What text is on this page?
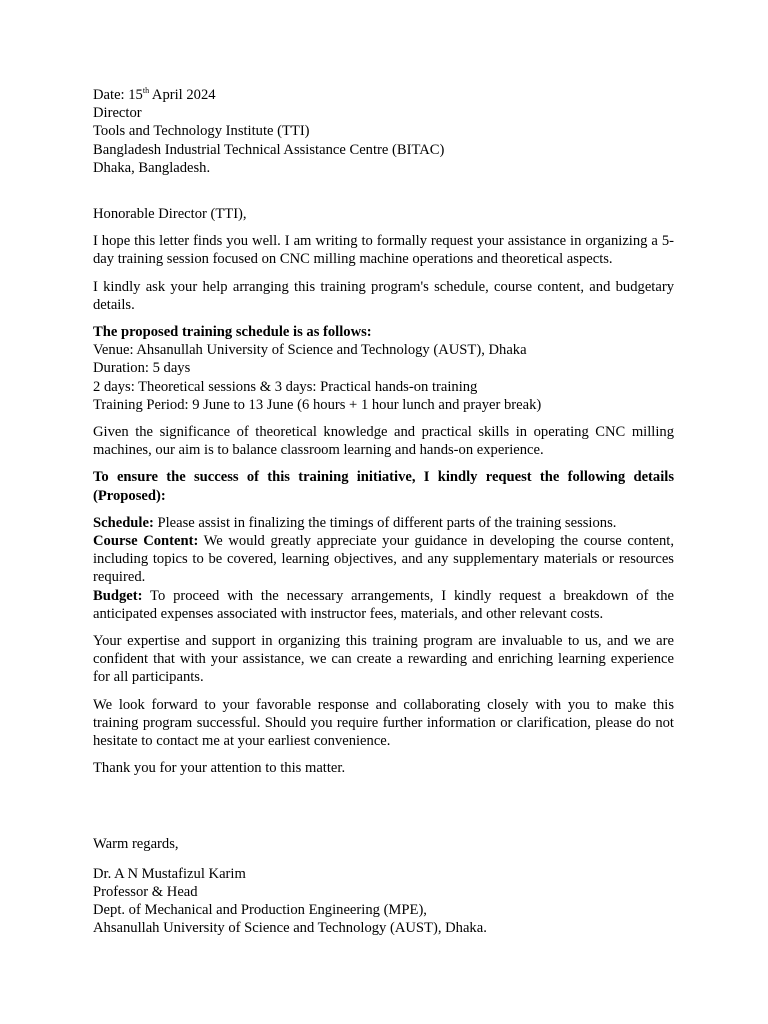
Date: 15th April 2024
Director
Tools and Technology Institute (TTI)
Bangladesh Industrial Technical Assistance Centre (BITAC)
Dhaka, Bangladesh.

Honorable Director (TTI),

I hope this letter finds you well. I am writing to formally request your assistance in organizing a 5-day training session focused on CNC milling machine operations and theoretical aspects.

I kindly ask your help arranging this training program's schedule, course content, and budgetary details.

The proposed training schedule is as follows:
Venue: Ahsanullah University of Science and Technology (AUST), Dhaka
Duration: 5 days
2 days: Theoretical sessions & 3 days: Practical hands-on training
Training Period: 9 June to 13 June (6 hours + 1 hour lunch and prayer break)

Given the significance of theoretical knowledge and practical skills in operating CNC milling machines, our aim is to balance classroom learning and hands-on experience.

To ensure the success of this training initiative, I kindly request the following details (Proposed):

Schedule: Please assist in finalizing the timings of different parts of the training sessions.

Course Content: We would greatly appreciate your guidance in developing the course content, including topics to be covered, learning objectives, and any supplementary materials or resources required.

Budget: To proceed with the necessary arrangements, I kindly request a breakdown of the anticipated expenses associated with instructor fees, materials, and other relevant costs.

Your expertise and support in organizing this training program are invaluable to us, and we are confident that with your assistance, we can create a rewarding and enriching learning experience for all participants.

We look forward to your favorable response and collaborating closely with you to make this training program successful. Should you require further information or clarification, please do not hesitate to contact me at your earliest convenience.

Thank you for your attention to this matter.

Warm regards,

Dr. A N Mustafizul Karim
Professor & Head
Dept. of Mechanical and Production Engineering (MPE),
Ahsanullah University of Science and Technology (AUST), Dhaka.
